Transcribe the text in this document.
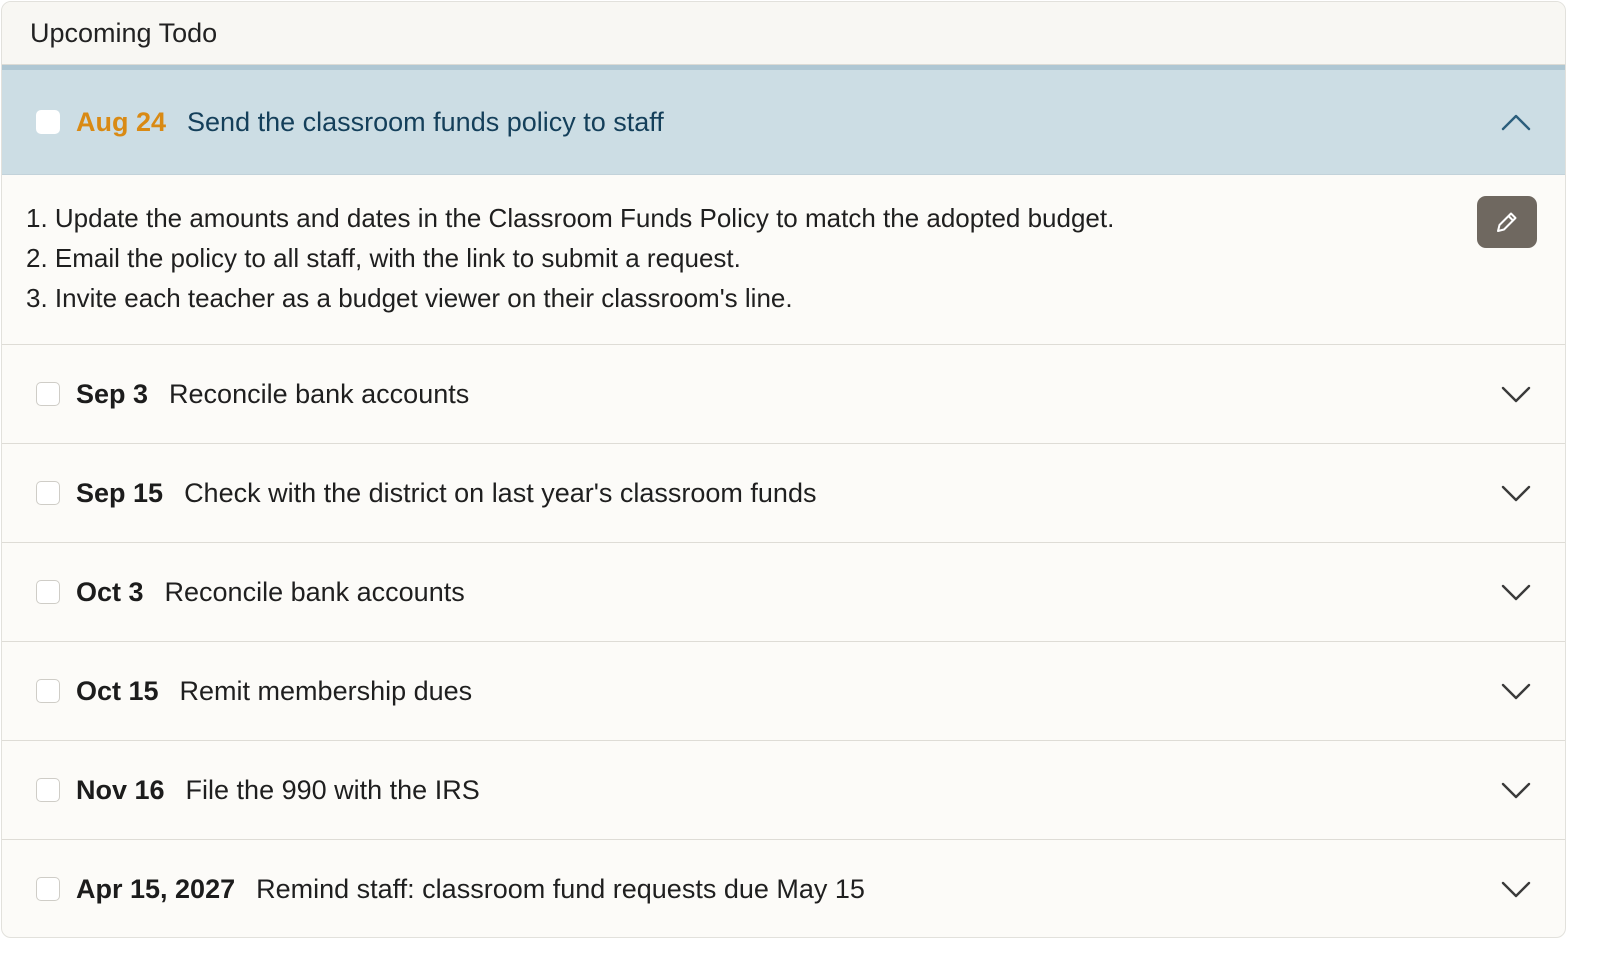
Upcoming Todo
Aug 24 Send the classroom funds policy to staff
1. Update the amounts and dates in the Classroom Funds Policy to match the adopted budget.
2. Email the policy to all staff, with the link to submit a request.
3. Invite each teacher as a budget viewer on their classroom's line.
Sep 3 Reconcile bank accounts
Sep 15 Check with the district on last year's classroom funds
Oct 3 Reconcile bank accounts
Oct 15 Remit membership dues
Nov 16 File the 990 with the IRS
Apr 15, 2027 Remind staff: classroom fund requests due May 15
